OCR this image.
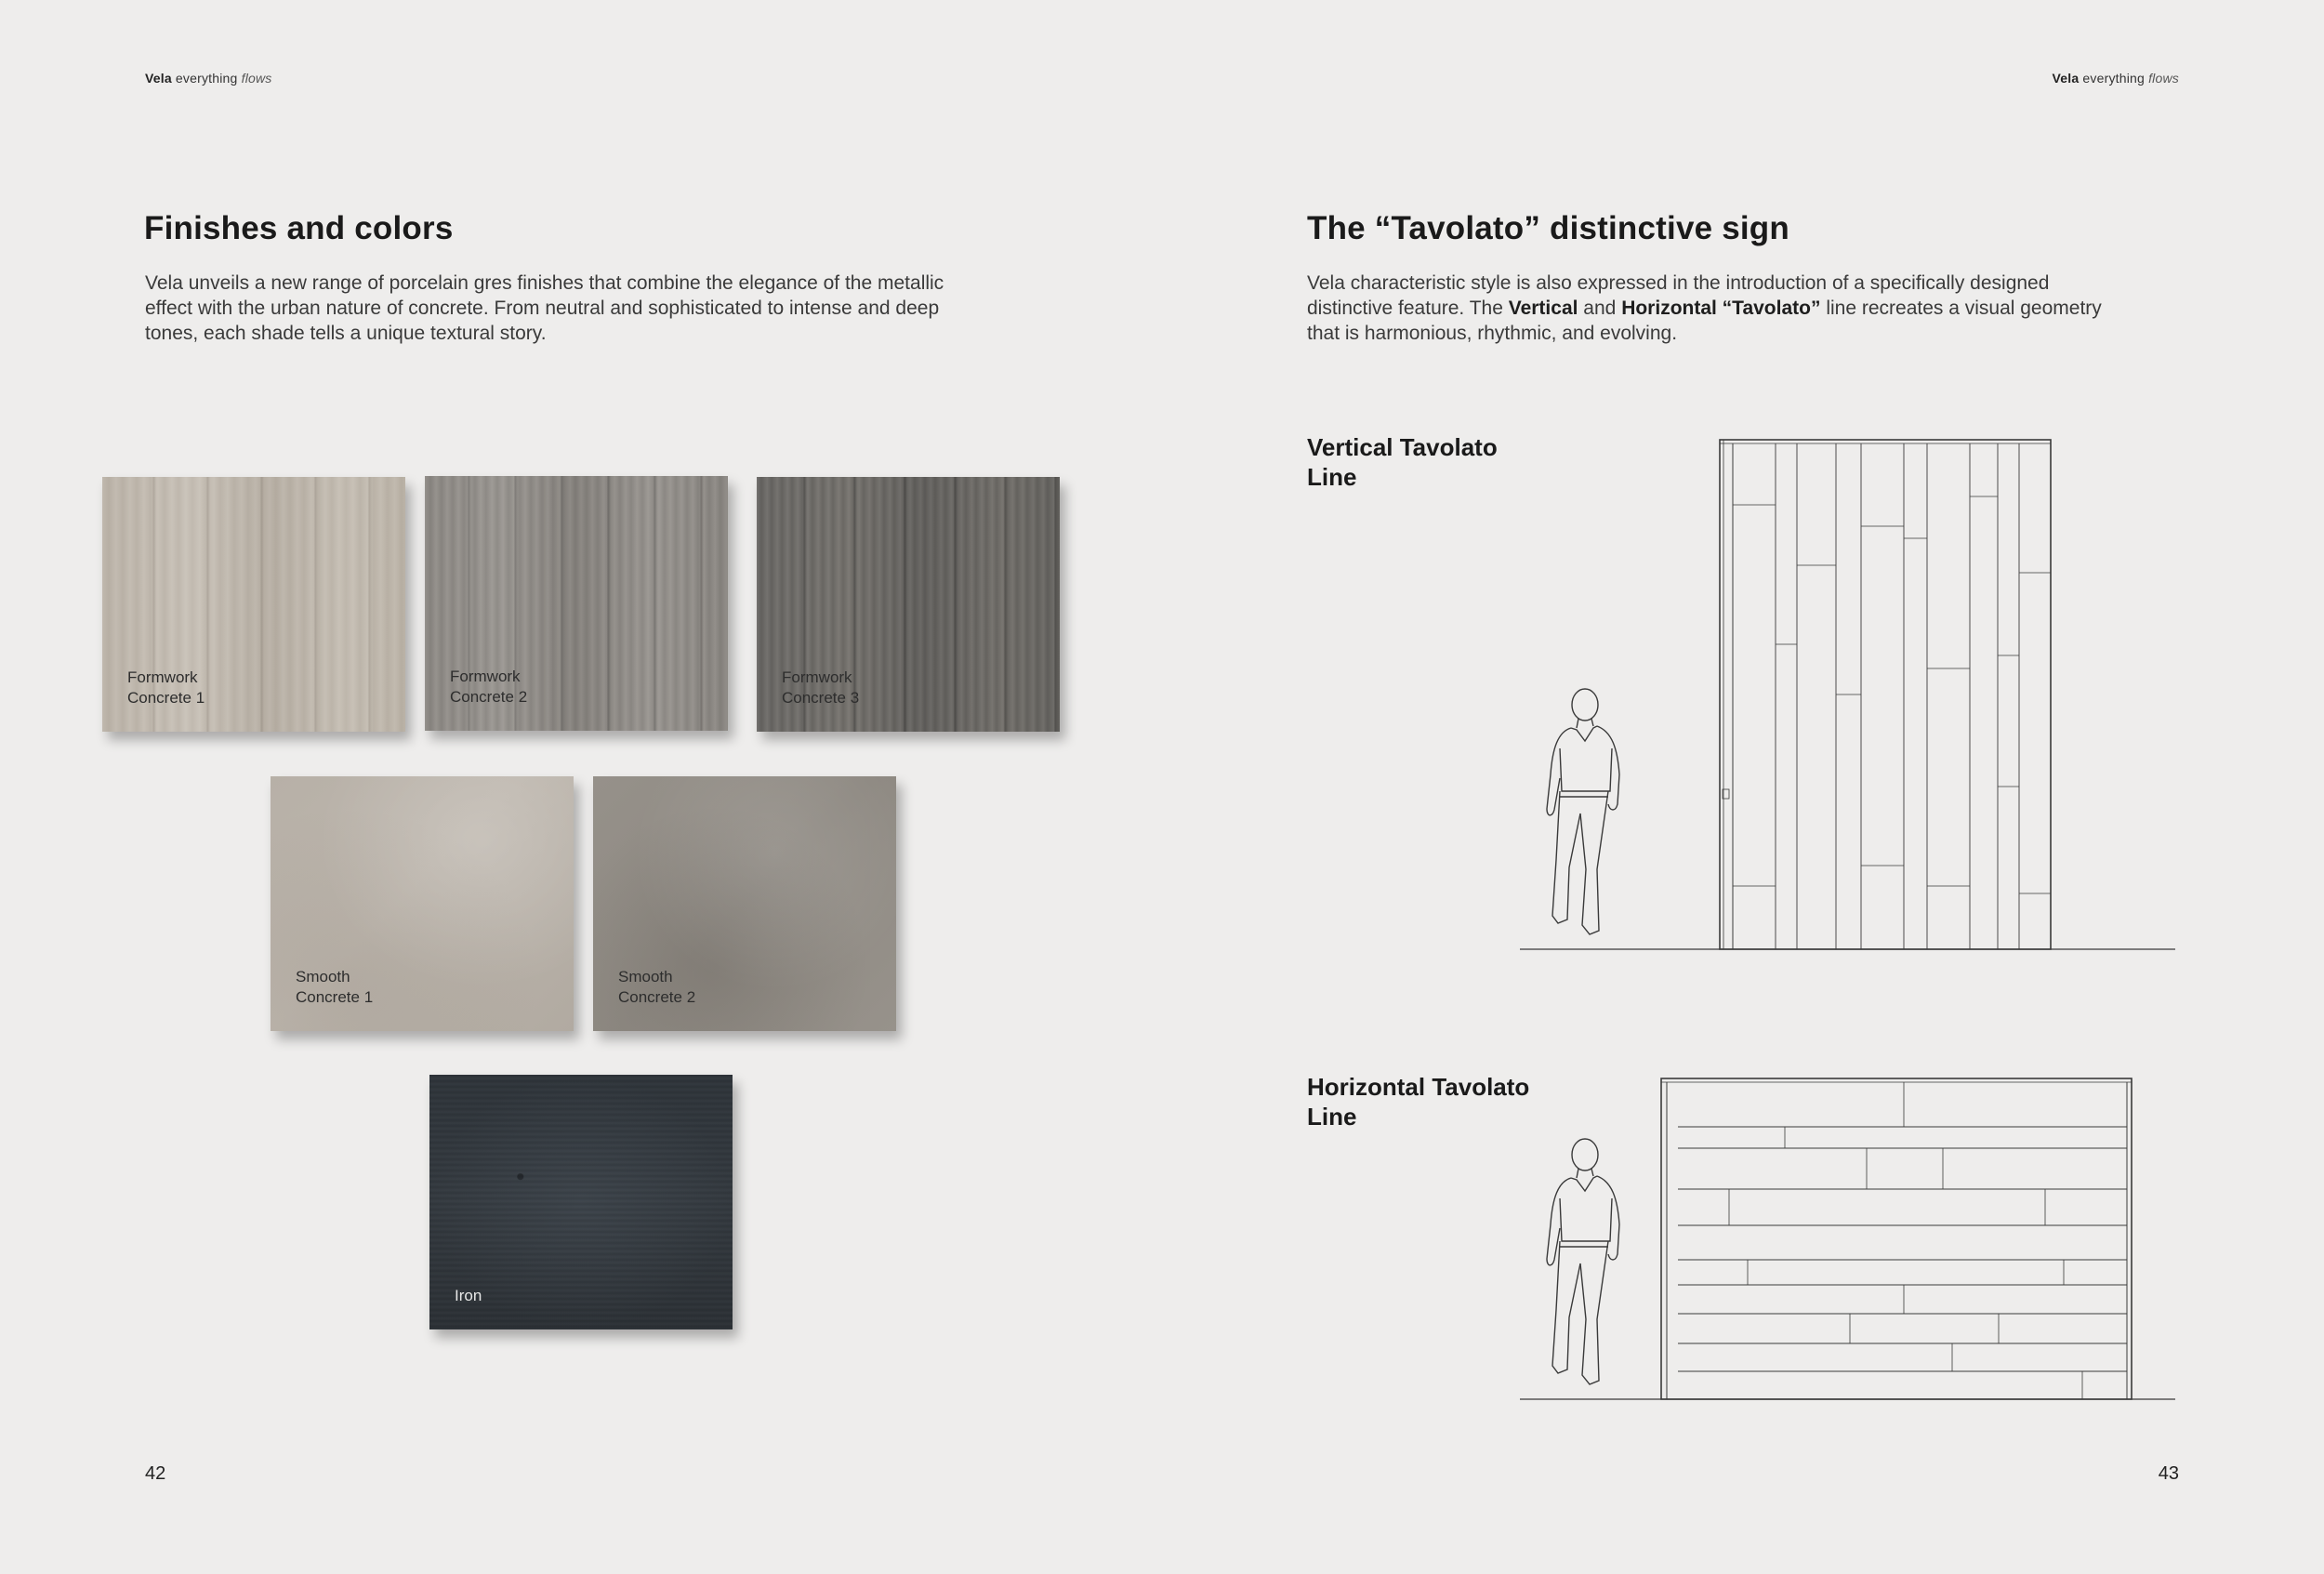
Vela everything flows	Vela everything flows
Finishes and colors
Vela unveils a new range of porcelain gres finishes that combine the elegance of the metallic
effect with the urban nature of concrete. From neutral and sophisticated to intense and deep
tones, each shade tells a unique textural story.
Formwork
Concrete 1
Formwork
Concrete 2
Formwork
Concrete 3
Smooth
Concrete 1
Smooth
Concrete 2
Iron
42
The “Tavolato” distinctive sign
Vela characteristic style is also expressed in the introduction of a specifically designed
distinctive feature. The Vertical and Horizontal “Tavolato” line recreates a visual geometry
that is harmonious, rhythmic, and evolving.
Vertical Tavolato
Line
Horizontal Tavolato
Line
43
